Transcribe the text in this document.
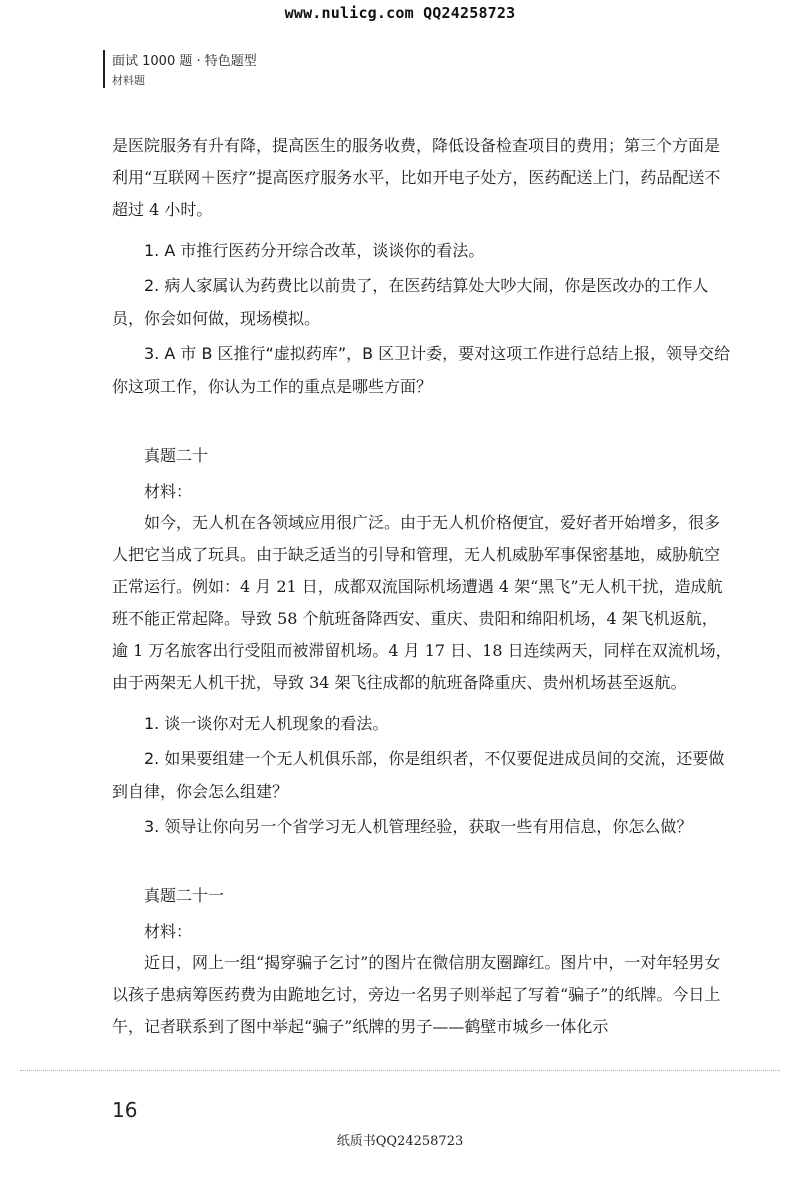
www.nulicg.com QQ24258723
面试 1000 题 · 特色题型
材料题

是医院服务有升有降，提高医生的服务收费，降低设备检查项目的费用；第三个方面是利用“互联网＋医疗”提高医疗服务水平，比如开电子处方，医药配送上门，药品配送不超过 4 小时。

1. A 市推行医药分开综合改革，谈谈你的看法。

2. 病人家属认为药费比以前贵了，在医药结算处大吵大闹，你是医改办的工作人员，你会如何做，现场模拟。

3. A 市 B 区推行“虚拟药库”，B 区卫计委，要对这项工作进行总结上报，领导交给你这项工作，你认为工作的重点是哪些方面？

真题二十

材料：

如今，无人机在各领域应用很广泛。由于无人机价格便宜，爱好者开始增多，很多人把它当成了玩具。由于缺乏适当的引导和管理，无人机威胁军事保密基地，威胁航空正常运行。例如：4 月 21 日，成都双流国际机场遭遇 4 架“黑飞”无人机干扰，造成航班不能正常起降。导致 58 个航班备降西安、重庆、贵阳和绵阳机场，4 架飞机返航，逾 1 万名旅客出行受阻而被滞留机场。4 月 17 日、18 日连续两天，同样在双流机场，由于两架无人机干扰，导致 34 架飞往成都的航班备降重庆、贵州机场甚至返航。

1. 谈一谈你对无人机现象的看法。

2. 如果要组建一个无人机俱乐部，你是组织者，不仅要促进成员间的交流，还要做到自律，你会怎么组建？

3. 领导让你向另一个省学习无人机管理经验，获取一些有用信息，你怎么做？

真题二十一

材料：

近日，网上一组“揭穿骗子乞讨”的图片在微信朋友圈蹿红。图片中，一对年轻男女以孩子患病筹医药费为由跪地乞讨，旁边一名男子则举起了写着“骗子”的纸牌。今日上午，记者联系到了图中举起“骗子”纸牌的男子——鹤壁市城乡一体化示

16
纸质书QQ24258723
